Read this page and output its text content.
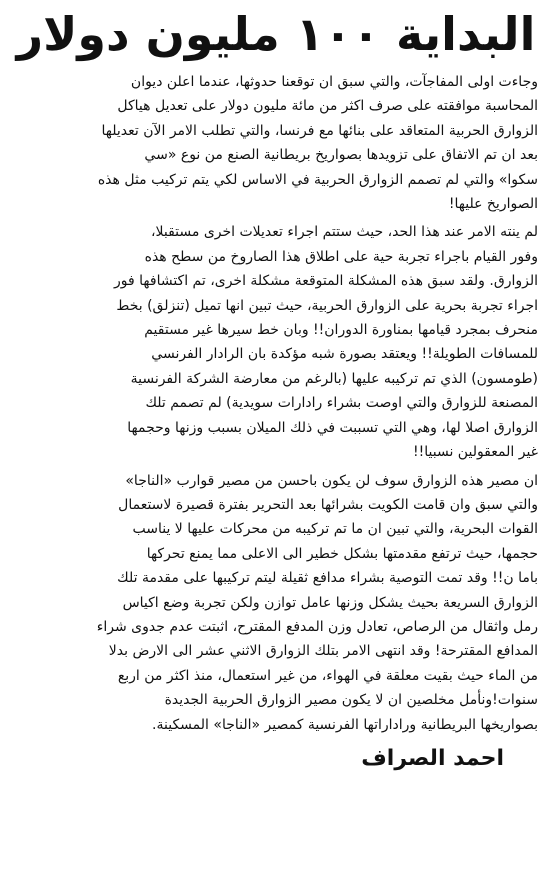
البداية ١٠٠ مليون دولار
وجاءت اولى المفاجآت، والتي سبق ان توقعنا حدوثها، عندما اعلن ديوان
المحاسبة موافقته على صرف اكثر من مائة مليون دولار على تعديل هياكل
الزوارق الحربية المتعاقد على بنائها مع فرنسا، والتي تطلب الامر الآن تعديلها
بعد ان تم الاتفاق على تزويدها بصواريخ بريطانية الصنع من نوع «سي
سكوا» والتي لم تصمم الزوارق الحربية في الاساس لكي يتم تركيب مثل هذه
الصواريخ عليها!
لم ينته الامر عند هذا الحد، حيث ستتم اجراء تعديلات اخرى مستقبلا،
وفور القيام باجراء تجربة حية على اطلاق هذا الصاروخ من سطح هذه
الزوارق. ولقد سبق هذه المشكلة المتوقعة مشكلة اخرى، تم اكتشافها فور
اجراء تجربة بحرية على الزوارق الحربية، حيث تبين انها تميل (تنزلق) بخط
منحرف بمجرد قيامها بمناورة الدوران!! وبان خط سيرها غير مستقيم
للمسافات الطويلة!! ويعتقد بصورة شبه مؤكدة بان الرادار الفرنسي
(طومسون) الذي تم تركيبه عليها (بالرغم من معارضة الشركة الفرنسية
المصنعة للزوارق والتي اوصت بشراء رادارات سويدية) لم تصمم تلك
الزوارق اصلا لها، وهي التي تسببت في ذلك الميلان بسبب وزنها وحجمها
غير المعقولين نسبيا!!
ان مصير هذه الزوارق سوف لن يكون باحسن من مصير قوارب «الناجا»
والتي سبق وان قامت الكويت بشرائها بعد التحرير بفترة قصيرة لاستعمال
القوات البحرية، والتي تبين ان ما تم تركيبه من محركات عليها لا يناسب
حجمها، حيث ترتفع مقدمتها بشكل خطير الى الاعلى مما يمنع تحركها
باما ن!! وقد تمت التوصية بشراء مدافع ثقيلة ليتم تركيبها على مقدمة تلك
الزوارق السريعة بحيث يشكل وزنها عامل توازن ولكن تجربة وضع اكياس
رمل واثقال من الرصاص، تعادل وزن المدفع المقترح، اثبتت عدم جدوى شراء
المدافع المقترحة! وقد انتهى الامر بتلك الزوارق الاثني عشر الى الارض بدلا
من الماء حيث بقيت معلقة في الهواء، من غير استعمال، منذ اكثر من اربع
سنوات!ونأمل مخلصين ان لا يكون مصير الزوارق الحربية الجديدة
بصواريخها البريطانية وراداراتها الفرنسية كمصير «الناجا» المسكينة.
احمد الصراف
